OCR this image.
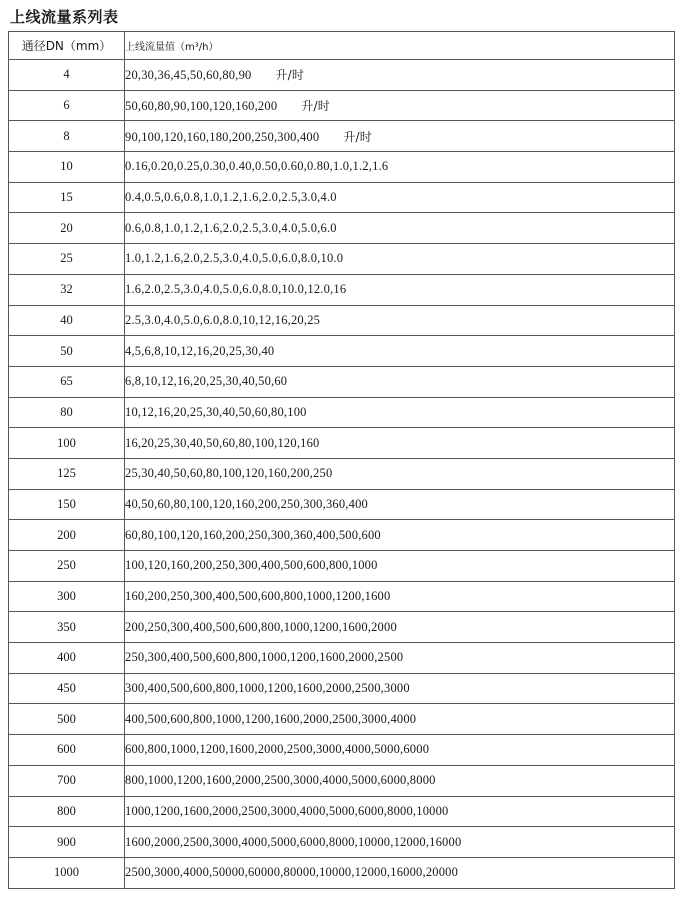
上线流量系列表
通径DN（mm）	上线流量值（m³/h）
4	20,30,36,45,50,60,80,90 升/时
6	50,60,80,90,100,120,160,200 升/时
8	90,100,120,160,180,200,250,300,400 升/时
10	0.16,0.20,0.25,0.30,0.40,0.50,0.60,0.80,1.0,1.2,1.6
15	0.4,0.5,0.6,0.8,1.0,1.2,1.6,2.0,2.5,3.0,4.0
20	0.6,0.8,1.0,1.2,1.6,2.0,2.5,3.0,4.0,5.0,6.0
25	1.0,1.2,1.6,2.0,2.5,3.0,4.0,5.0,6.0,8.0,10.0
32	1.6,2.0,2.5,3.0,4.0,5.0,6.0,8.0,10.0,12.0,16
40	2.5,3.0,4.0,5.0,6.0,8.0,10,12,16,20,25
50	4,5,6,8,10,12,16,20,25,30,40
65	6,8,10,12,16,20,25,30,40,50,60
80	10,12,16,20,25,30,40,50,60,80,100
100	16,20,25,30,40,50,60,80,100,120,160
125	25,30,40,50,60,80,100,120,160,200,250
150	40,50,60,80,100,120,160,200,250,300,360,400
200	60,80,100,120,160,200,250,300,360,400,500,600
250	100,120,160,200,250,300,400,500,600,800,1000
300	160,200,250,300,400,500,600,800,1000,1200,1600
350	200,250,300,400,500,600,800,1000,1200,1600,2000
400	250,300,400,500,600,800,1000,1200,1600,2000,2500
450	300,400,500,600,800,1000,1200,1600,2000,2500,3000
500	400,500,600,800,1000,1200,1600,2000,2500,3000,4000
600	600,800,1000,1200,1600,2000,2500,3000,4000,5000,6000
700	800,1000,1200,1600,2000,2500,3000,4000,5000,6000,8000
800	1000,1200,1600,2000,2500,3000,4000,5000,6000,8000,10000
900	1600,2000,2500,3000,4000,5000,6000,8000,10000,12000,16000
1000	2500,3000,4000,50000,60000,80000,10000,12000,16000,20000
